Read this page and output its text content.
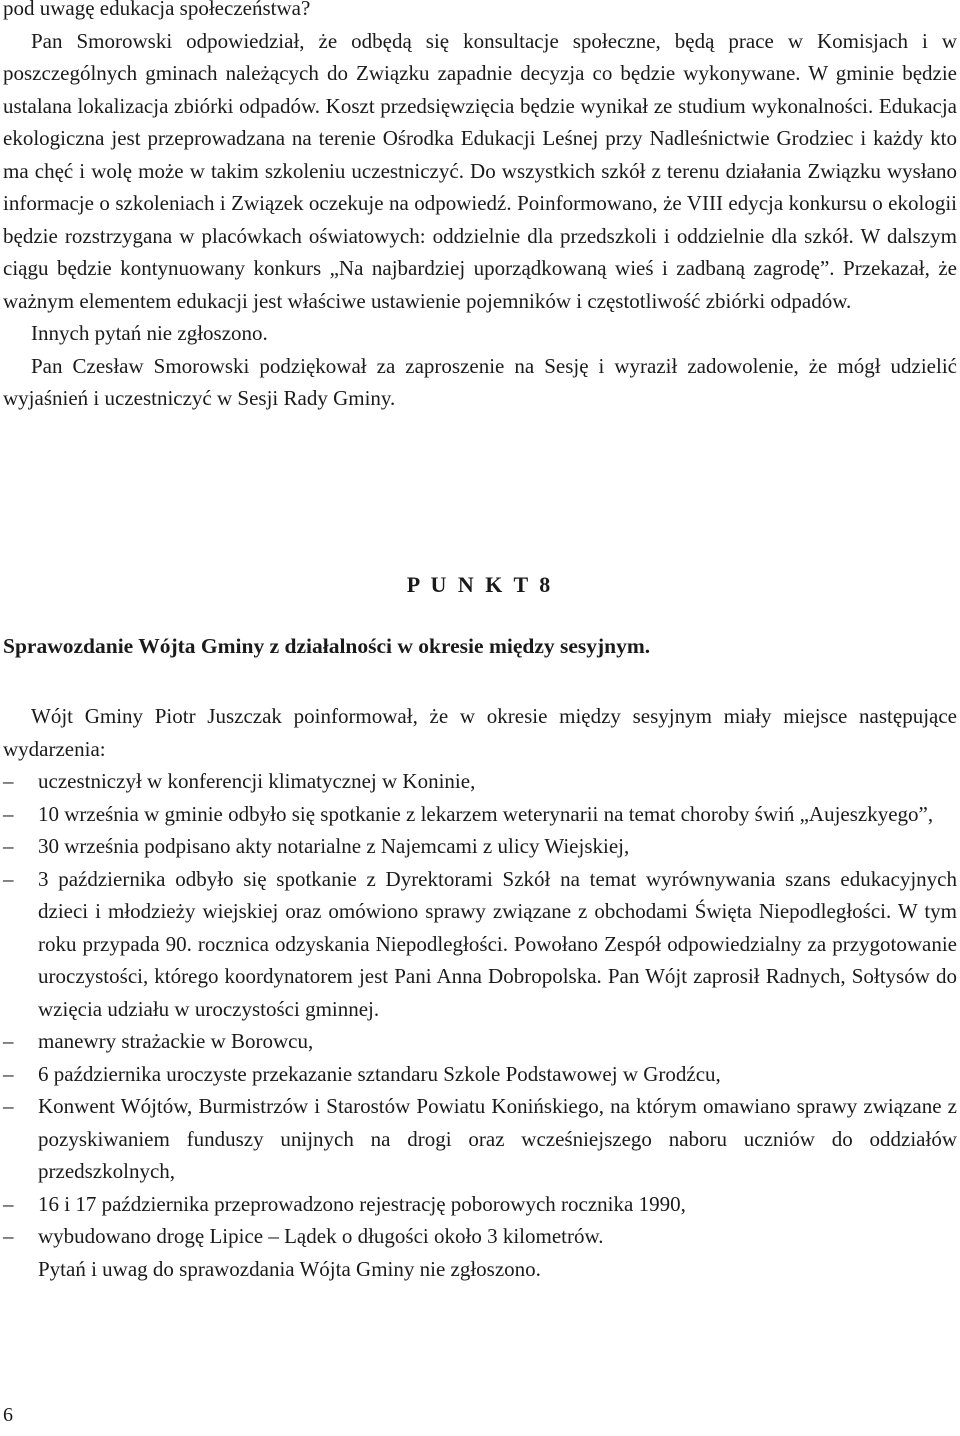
pod uwagę edukacja społeczeństwa?

Pan Smorowski odpowiedział, że odbędą się konsultacje społeczne, będą prace w Komisjach i w poszczególnych gminach należących do Związku zapadnie decyzja co będzie wykonywane. W gminie będzie ustalana lokalizacja zbiórki odpadów. Koszt przedsięwzięcia będzie wynikał ze studium wykonalności. Edukacja ekologiczna jest przeprowadzana na terenie Ośrodka Edukacji Leśnej przy Nadleśnictwie Grodziec i każdy kto ma chęć i wolę może w takim szkoleniu uczestniczyć. Do wszystkich szkół z terenu działania Związku wysłano informacje o szkoleniach i Związek oczekuje na odpowiedź. Poinformowano, że VIII edycja konkursu o ekologii będzie rozstrzygana w placówkach oświatowych: oddzielnie dla przedszkoli i oddzielnie dla szkół. W dalszym ciągu będzie kontynuowany konkurs „Na najbardziej uporządkowaną wieś i zadbaną zagrodę”. Przekazał, że ważnym elementem edukacji jest właściwe ustawienie pojemników i częstotliwość zbiórki odpadów.

Innych pytań nie zgłoszono.

Pan Czesław Smorowski podziękował za zaproszenie na Sesję i wyraził zadowolenie, że mógł udzielić wyjaśnień i uczestniczyć w Sesji Rady Gminy.

P U N K T 8
Sprawozdanie Wójta Gminy z działalności w okresie między sesyjnym.

Wójt Gminy Piotr Juszczak poinformował, że w okresie między sesyjnym miały miejsce następujące wydarzenia:

–	uczestniczył w konferencji klimatycznej w Koninie,
–	10 września w gminie odbyło się spotkanie z lekarzem weterynarii na temat choroby świń „Aujeszkyego”,
–	30 września podpisano akty notarialne z Najemcami z ulicy Wiejskiej,
–	3 października odbyło się spotkanie z Dyrektorami Szkół na temat wyrównywania szans edukacyjnych dzieci i młodzieży wiejskiej oraz omówiono sprawy związane z obchodami Święta Niepodległości. W tym roku przypada 90. rocznica odzyskania Niepodległości. Powołano Zespół odpowiedzialny za przygotowanie uroczystości, którego koordynatorem jest Pani Anna Dobropolska. Pan Wójt zaprosił Radnych, Sołtysów do wzięcia udziału w uroczystości gminnej.
–	manewry strażackie w Borowcu,
–	6 października uroczyste przekazanie sztandaru Szkole Podstawowej w Grodźcu,
–	Konwent Wójtów, Burmistrzów i Starostów Powiatu Konińskiego, na którym omawiano sprawy związane z pozyskiwaniem funduszy unijnych na drogi oraz wcześniejszego naboru uczniów do oddziałów przedszkolnych,
–	16 i 17 października przeprowadzono rejestrację poborowych rocznika 1990,
–	wybudowano drogę Lipice – Lądek o długości około 3 kilometrów.

Pytań i uwag do sprawozdania Wójta Gminy nie zgłoszono.

6
